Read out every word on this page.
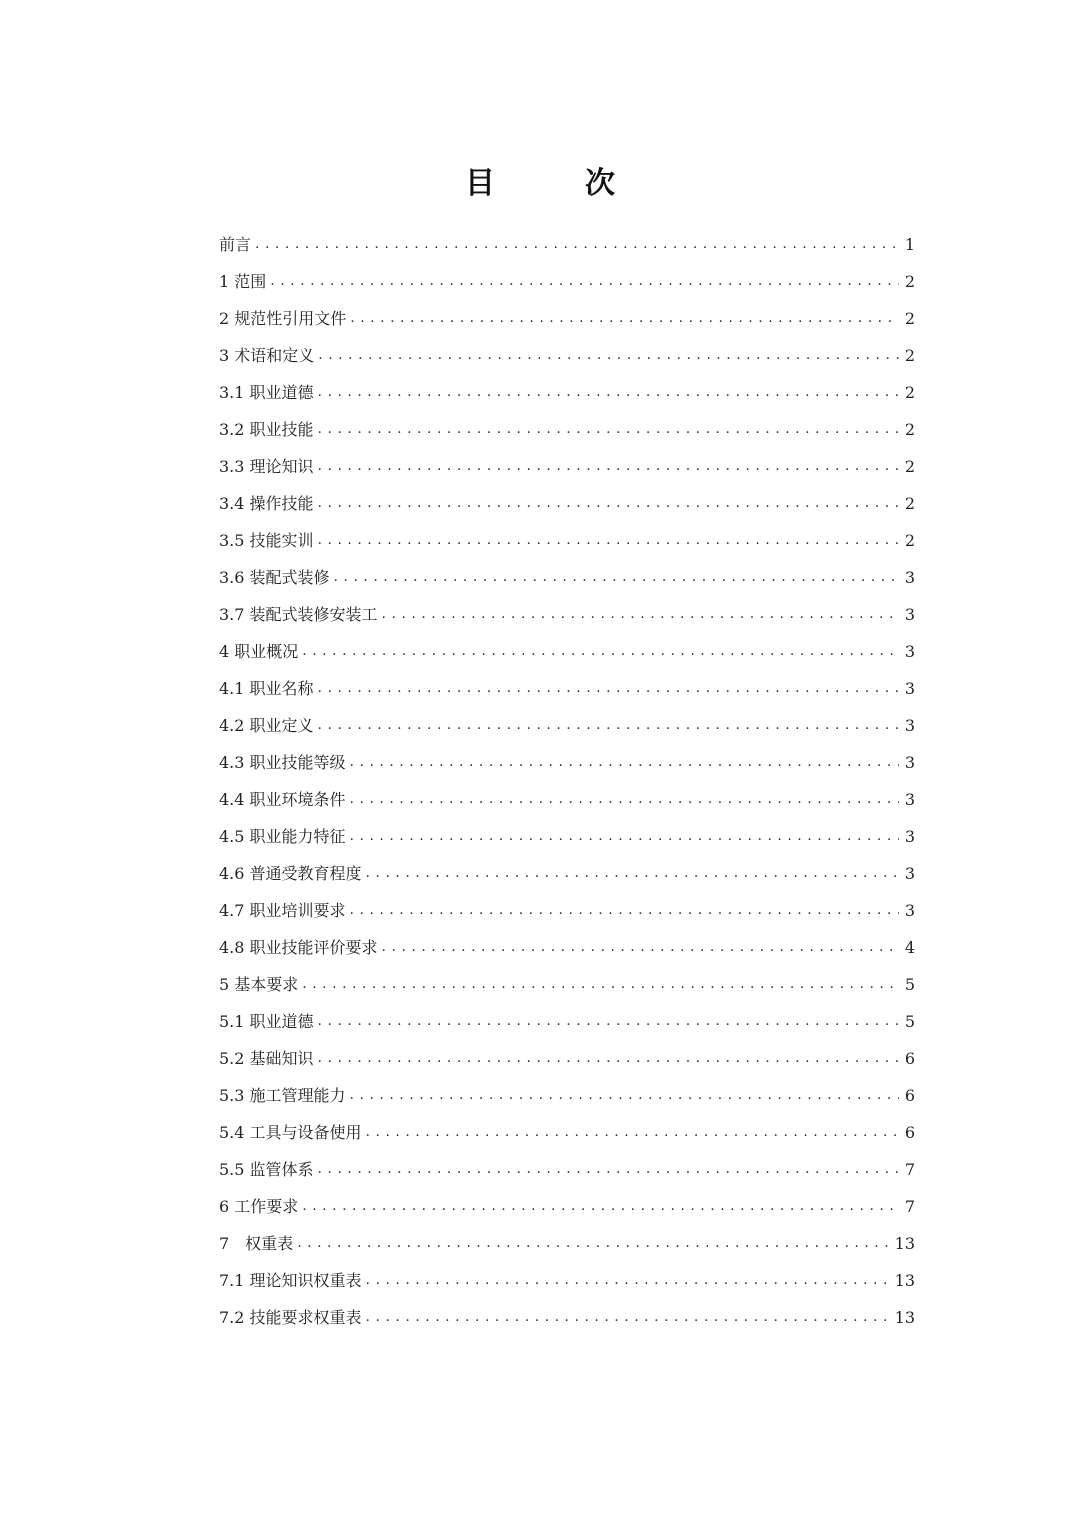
目　次
前言 .....	1
1 范围 .....	2
2 规范性引用文件 .....	2
3 术语和定义 .....	2
3.1 职业道德 .....	2
3.2 职业技能 .....	2
3.3 理论知识 .....	2
3.4 操作技能 .....	2
3.5 技能实训 .....	2
3.6 装配式装修 .....	3
3.7 装配式装修安装工 .....	3
4 职业概况 .....	3
4.1 职业名称 .....	3
4.2 职业定义 .....	3
4.3 职业技能等级 .....	3
4.4 职业环境条件 .....	3
4.5 职业能力特征 .....	3
4.6 普通受教育程度 .....	3
4.7 职业培训要求 .....	3
4.8 职业技能评价要求 .....	4
5 基本要求 .....	5
5.1 职业道德 .....	5
5.2 基础知识 .....	6
5.3 施工管理能力 .....	6
5.4 工具与设备使用 .....	6
5.5 监管体系 .....	7
6 工作要求 .....	7
7　权重表 .....	13
7.1 理论知识权重表 .....	13
7.2 技能要求权重表 .....	13
